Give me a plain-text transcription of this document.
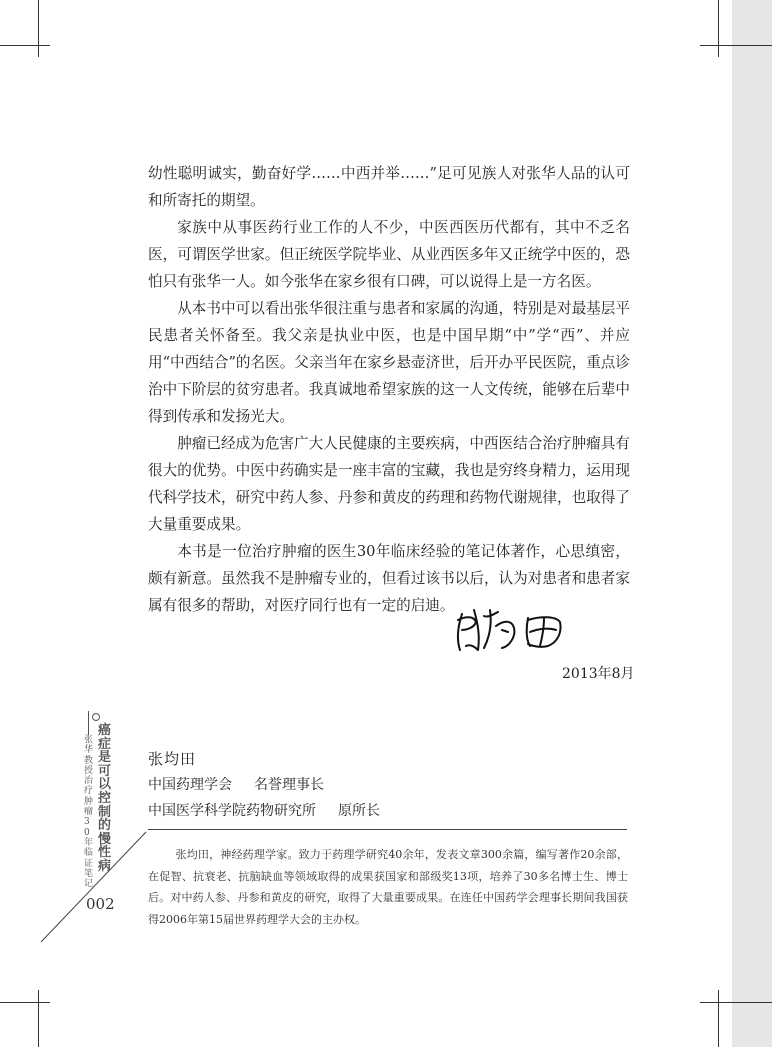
幼性聪明诚实，勤奋好学……中西并举……”足可见族人对张华人品的认可和所寄托的期望。

家族中从事医药行业工作的人不少，中医西医历代都有，其中不乏名医，可谓医学世家。但正统医学院毕业、从业西医多年又正统学中医的，恐怕只有张华一人。如今张华在家乡很有口碑，可以说得上是一方名医。

从本书中可以看出张华很注重与患者和家属的沟通，特别是对最基层平民患者关怀备至。我父亲是执业中医，也是中国早期“中”学“西”、并应用“中西结合”的名医。父亲当年在家乡悬壶济世，后开办平民医院，重点诊治中下阶层的贫穷患者。我真诚地希望家族的这一人文传统，能够在后辈中得到传承和发扬光大。

肿瘤已经成为危害广大人民健康的主要疾病，中西医结合治疗肿瘤具有很大的优势。中医中药确实是一座丰富的宝藏，我也是穷终身精力，运用现代科学技术，研究中药人参、丹参和黄皮的药理和药物代谢规律，也取得了大量重要成果。

本书是一位治疗肿瘤的医生30年临床经验的笔记体著作，心思缜密，颇有新意。虽然我不是肿瘤专业的，但看过该书以后，认为对患者和患者家属有很多的帮助，对医疗同行也有一定的启迪。

2013年8月
张均田
中国药理学会 名誉理事长
中国医学科学院药物研究所 原所长
张均田，神经药理学家。致力于药理学研究40余年，发表文章300余篇，编写著作20余部，在促智、抗衰老、抗脑缺血等领域取得的成果获国家和部级奖13项，培养了30多名博士生、博士后。对中药人参、丹参和黄皮的研究，取得了大量重要成果。在连任中国药学会理事长期间我国获得2006年第15届世界药理学大会的主办权。
癌症是可以控制的慢性病
张华教授治疗肿瘤30年临证笔记
002
